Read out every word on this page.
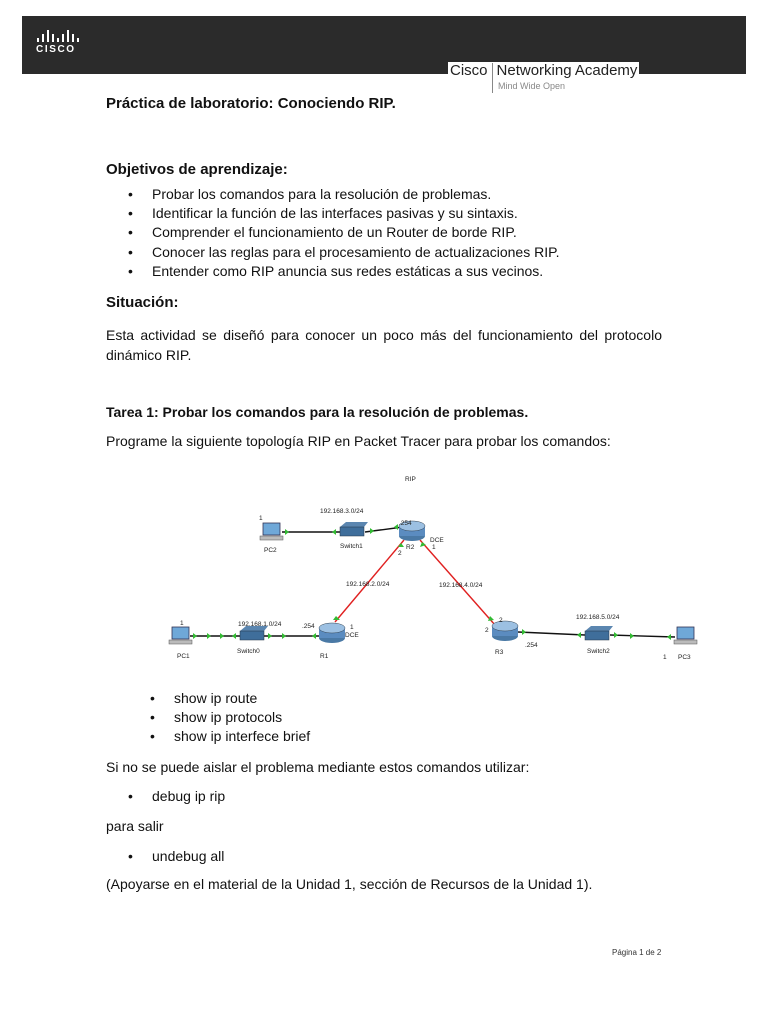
CISCO
Cisco Networking Academy
Mind Wide Open
Práctica de laboratorio: Conociendo RIP.
Objetivos de aprendizaje:
• Probar los comandos para la resolución de problemas.
• Identificar la función de las interfaces pasivas y su sintaxis.
• Comprender el funcionamiento de un Router de borde RIP.
• Conocer las reglas para el procesamiento de actualizaciones RIP.
• Entender como RIP anuncia sus redes estáticas a sus vecinos.
Situación:
Esta actividad se diseñó para conocer un poco más del funcionamiento del protocolo dinámico RIP.
Tarea 1: Probar los comandos para la resolución de problemas.
Programe la siguiente topología RIP en Packet Tracer para probar los comandos:
RIP
PC2
Switch1	R2
PC1
Switch0
R1
R3	Switch2
PC3
192.168.3.0/24
192.168.2.0/24	192.168.4.0/24
192.168.1.0/24
192.168.5.0/24
.254
DCE
2
1
.254	1
DCE
2
2
.254
1
1
1
• show ip route
• show ip protocols
• show ip interfece brief
Si no se puede aislar el problema mediante estos comandos utilizar:
• debug ip rip
para salir
• undebug all
(Apoyarse en el material de la Unidad 1, sección de Recursos de la Unidad 1).
Página 1 de 2
